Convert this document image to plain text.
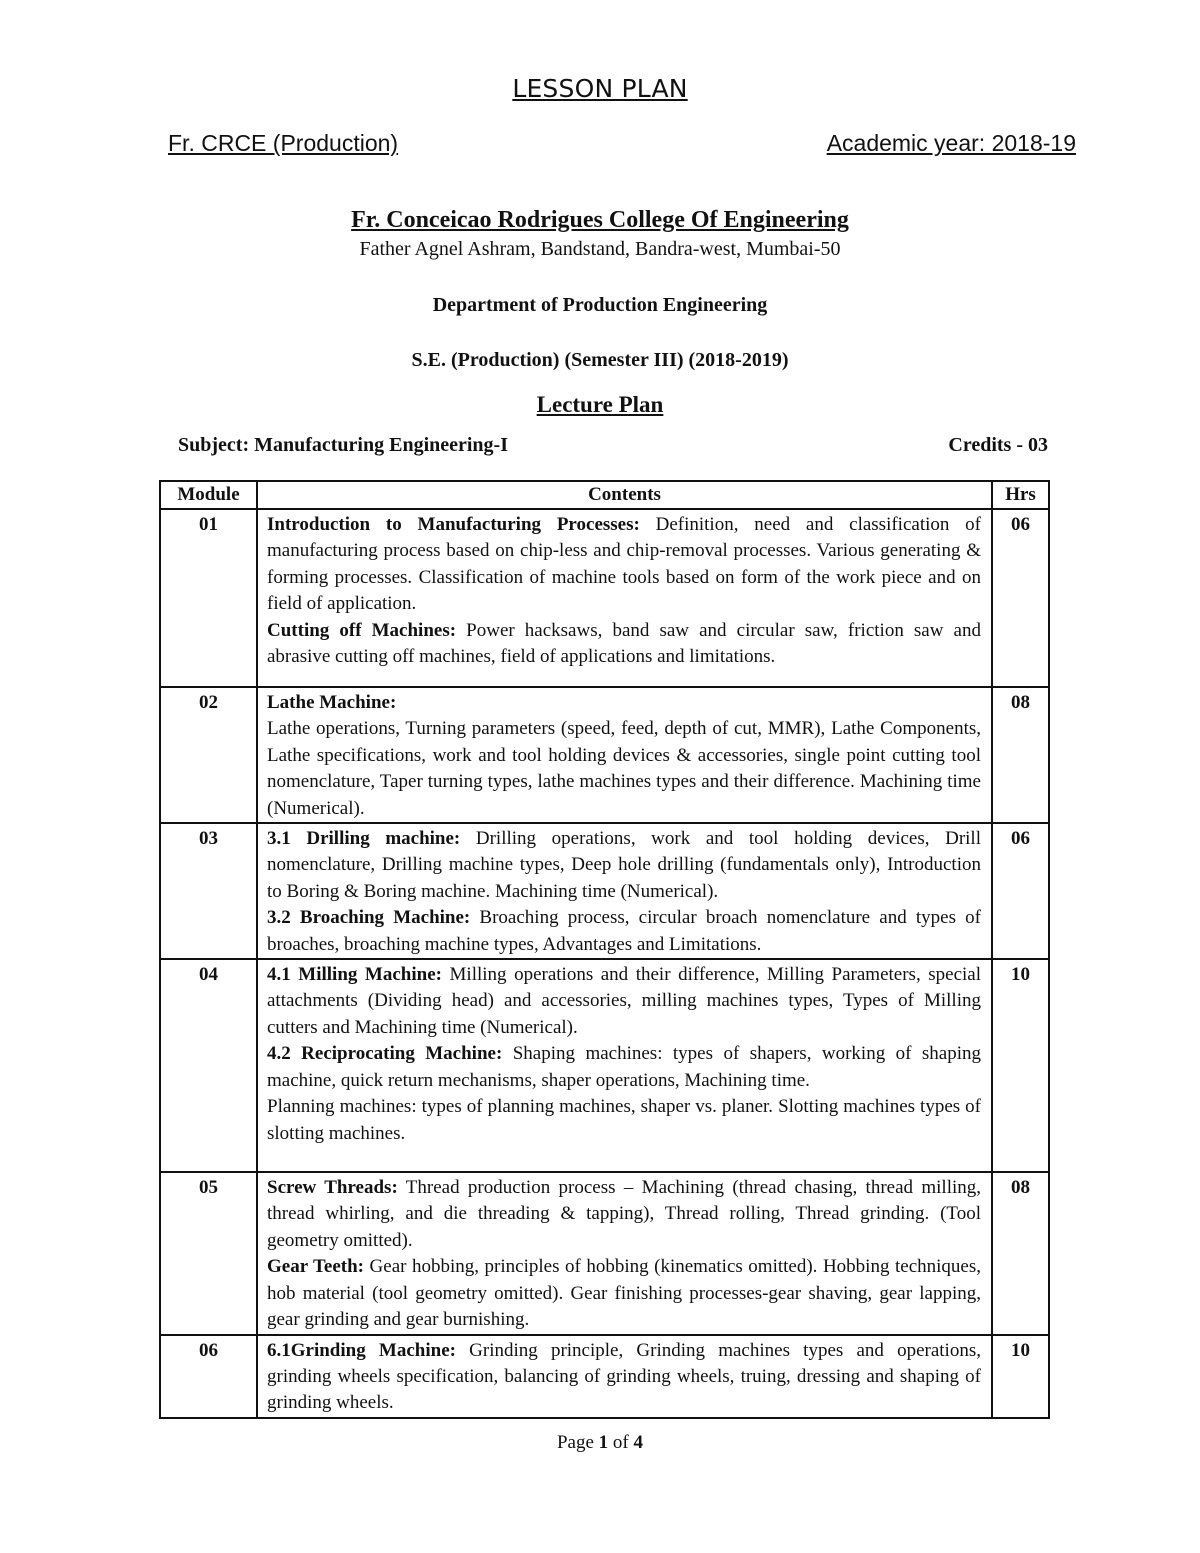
LESSON PLAN
Fr. CRCE (Production)	Academic year: 2018-19
Fr. Conceicao Rodrigues College Of Engineering
Father Agnel Ashram, Bandstand, Bandra-west, Mumbai-50
Department of Production Engineering
S.E. (Production) (Semester III) (2018-2019)
Lecture Plan
Subject: Manufacturing Engineering-I	Credits - 03
Module	Contents	Hrs
01	Introduction to Manufacturing Processes: Definition, need and classification of manufacturing process based on chip-less and chip-removal processes. Various generating & forming processes. Classification of machine tools based on form of the work piece and on field of application.

Cutting off Machines: Power hacksaws, band saw and circular saw, friction saw and abrasive cutting off machines, field of applications and limitations.	06
02	Lathe Machine:

Lathe operations, Turning parameters (speed, feed, depth of cut, MMR), Lathe Components, Lathe specifications, work and tool holding devices & accessories, single point cutting tool nomenclature, Taper turning types, lathe machines types and their difference. Machining time (Numerical).	08
03	3.1 Drilling machine: Drilling operations, work and tool holding devices, Drill nomenclature, Drilling machine types, Deep hole drilling (fundamentals only), Introduction to Boring & Boring machine. Machining time (Numerical).

3.2 Broaching Machine: Broaching process, circular broach nomenclature and types of broaches, broaching machine types, Advantages and Limitations.	06
04	4.1 Milling Machine: Milling operations and their difference, Milling Parameters, special attachments (Dividing head) and accessories, milling machines types, Types of Milling cutters and Machining time (Numerical).

4.2 Reciprocating Machine: Shaping machines: types of shapers, working of shaping machine, quick return mechanisms, shaper operations, Machining time.

Planning machines: types of planning machines, shaper vs. planer. Slotting machines types of slotting machines.	10
05	Screw Threads: Thread production process – Machining (thread chasing, thread milling, thread whirling, and die threading & tapping), Thread rolling, Thread grinding. (Tool geometry omitted).

Gear Teeth: Gear hobbing, principles of hobbing (kinematics omitted). Hobbing techniques, hob material (tool geometry omitted). Gear finishing processes-gear shaving, gear lapping, gear grinding and gear burnishing.	08
06	6.1Grinding Machine: Grinding principle, Grinding machines types and operations, grinding wheels specification, balancing of grinding wheels, truing, dressing and shaping of grinding wheels.	10
Page 1 of 4
